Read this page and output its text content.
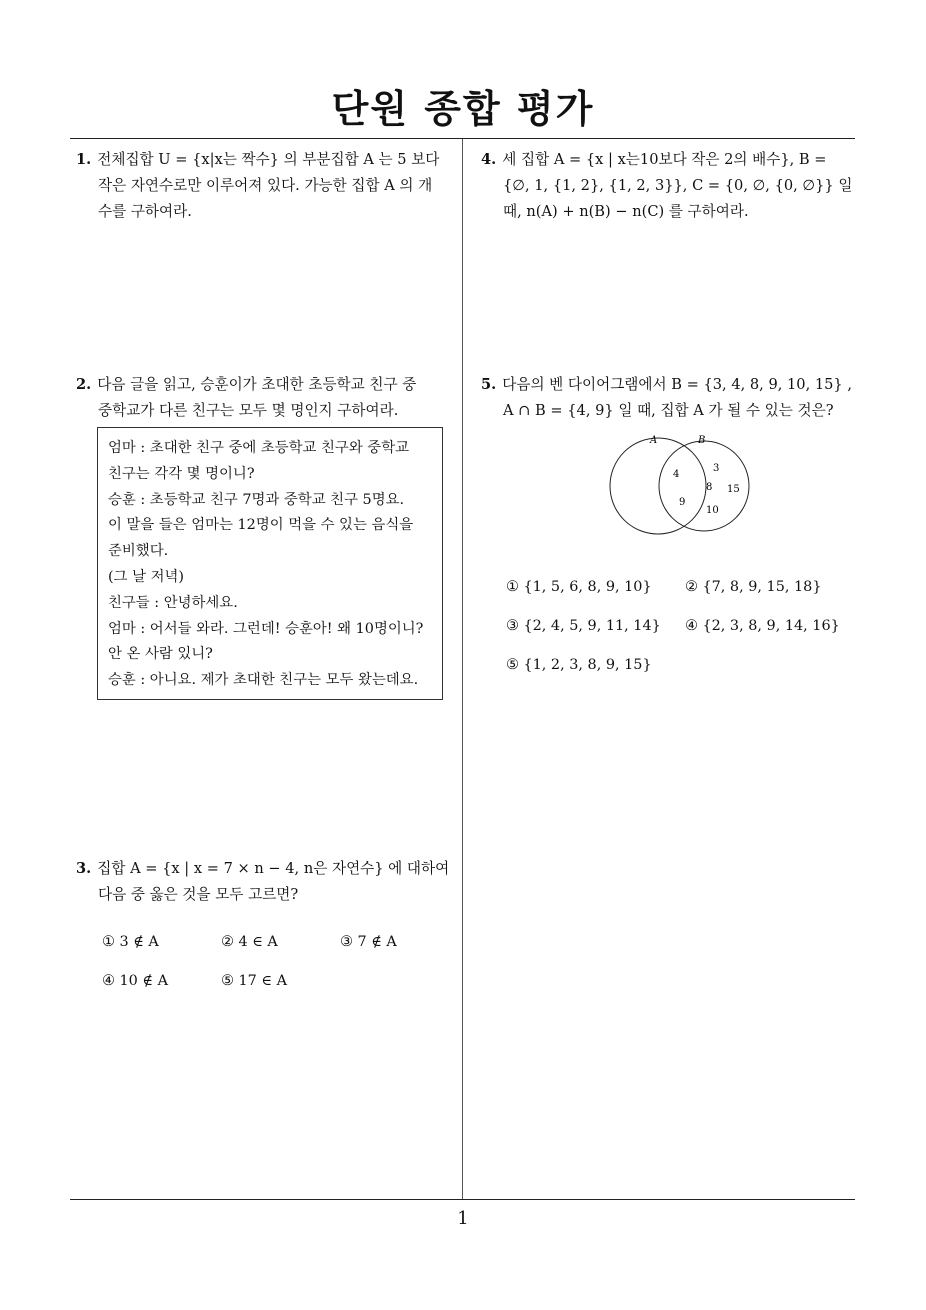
단원 종합 평가
1. 전체집합 U = {x|x는 짝수} 의 부분집합 A 는 5 보다
작은 자연수로만 이루어져 있다. 가능한 집합 A 의 개
수를 구하여라.
2. 다음 글을 읽고, 승훈이가 초대한 초등학교 친구 중
중학교가 다른 친구는 모두 몇 명인지 구하여라.
엄마 : 초대한 친구 중에 초등학교 친구와 중학교
친구는 각각 몇 명이니?
승훈 : 초등학교 친구 7명과 중학교 친구 5명요.
이 말을 들은 엄마는 12명이 먹을 수 있는 음식을
준비했다.
(그 날 저녁)
친구들 : 안녕하세요.
엄마 : 어서들 와라. 그런데! 승훈아! 왜 10명이니?
안 온 사람 있니?
승훈 : 아니요. 제가 초대한 친구는 모두 왔는데요.
3. 집합 A = {x | x = 7 × n − 4, n은 자연수} 에 대하여
다음 중 옳은 것을 모두 고르면?
① 3 ∉ A	② 4 ∈ A	③ 7 ∉ A
④ 10 ∉ A	⑤ 17 ∈ A
4. 세 집합 A = {x | x는10보다 작은 2의 배수}, B =
{∅, 1, {1, 2}, {1, 2, 3}}, C = {0, ∅, {0, ∅}} 일
때, n(A) + n(B) − n(C) 를 구하여라.
5. 다음의 벤 다이어그램에서 B = {3, 4, 8, 9, 10, 15} ,
A ∩ B = {4, 9} 일 때, 집합 A 가 될 수 있는 것은?
A	B
4
9
3
8 15
10
① {1, 5, 6, 8, 9, 10} ② {7, 8, 9, 15, 18}
③ {2, 4, 5, 9, 11, 14} ④ {2, 3, 8, 9, 14, 16}
⑤ {1, 2, 3, 8, 9, 15}
1
